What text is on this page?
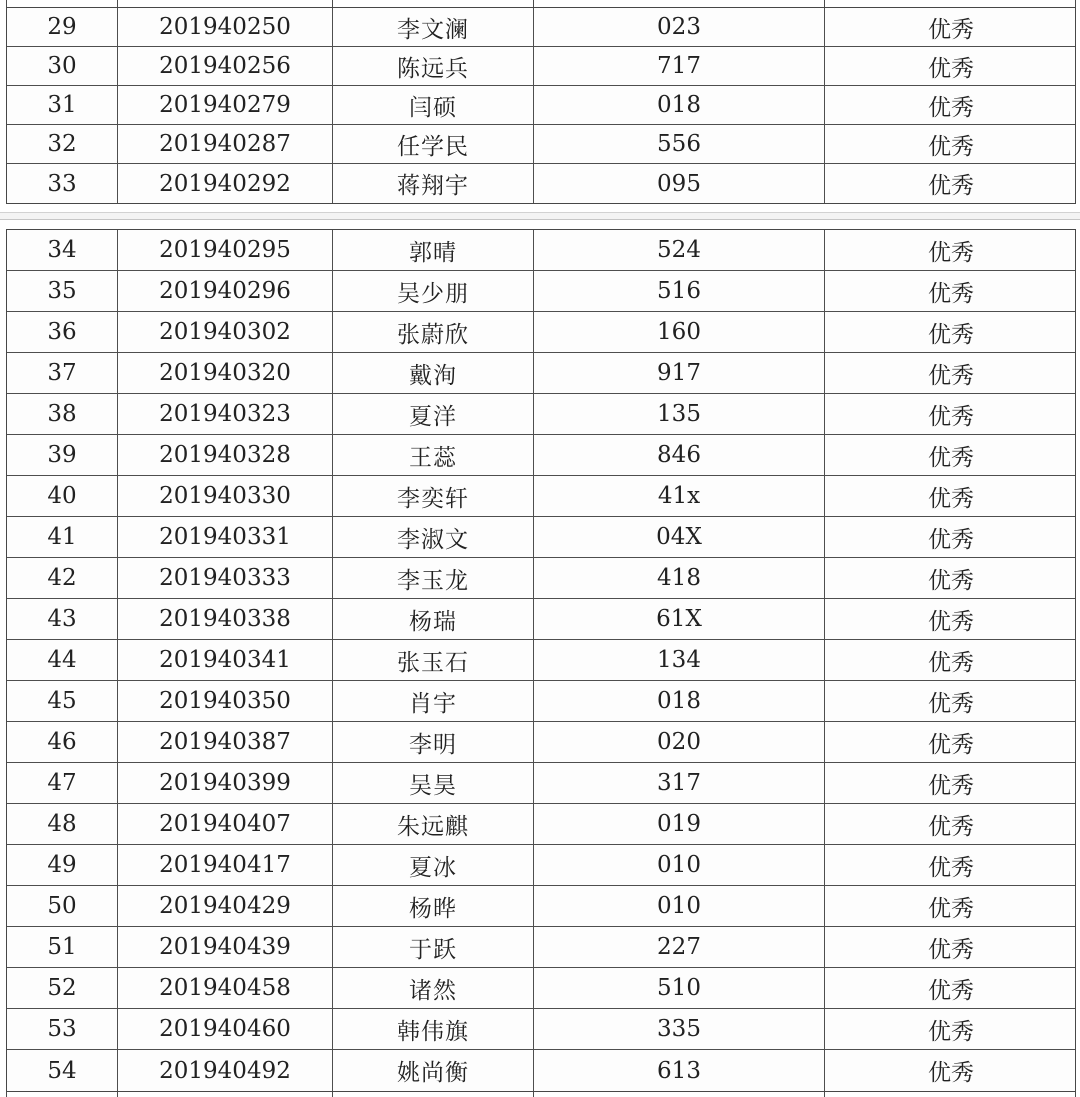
29	201940250	李文澜	023	优秀
30	201940256	陈远兵	717	优秀
31	201940279	闫硕	018	优秀
32	201940287	任学民	556	优秀
33	201940292	蒋翔宇	095	优秀
34	201940295	郭晴	524	优秀
35	201940296	吴少朋	516	优秀
36	201940302	张蔚欣	160	优秀
37	201940320	戴洵	917	优秀
38	201940323	夏洋	135	优秀
39	201940328	王蕊	846	优秀
40	201940330	李奕轩	41x	优秀
41	201940331	李淑文	04X	优秀
42	201940333	李玉龙	418	优秀
43	201940338	杨瑞	61X	优秀
44	201940341	张玉石	134	优秀
45	201940350	肖宇	018	优秀
46	201940387	李明	020	优秀
47	201940399	吴昊	317	优秀
48	201940407	朱远麒	019	优秀
49	201940417	夏冰	010	优秀
50	201940429	杨晔	010	优秀
51	201940439	于跃	227	优秀
52	201940458	诸然	510	优秀
53	201940460	韩伟旗	335	优秀
54	201940492	姚尚衡	613	优秀
